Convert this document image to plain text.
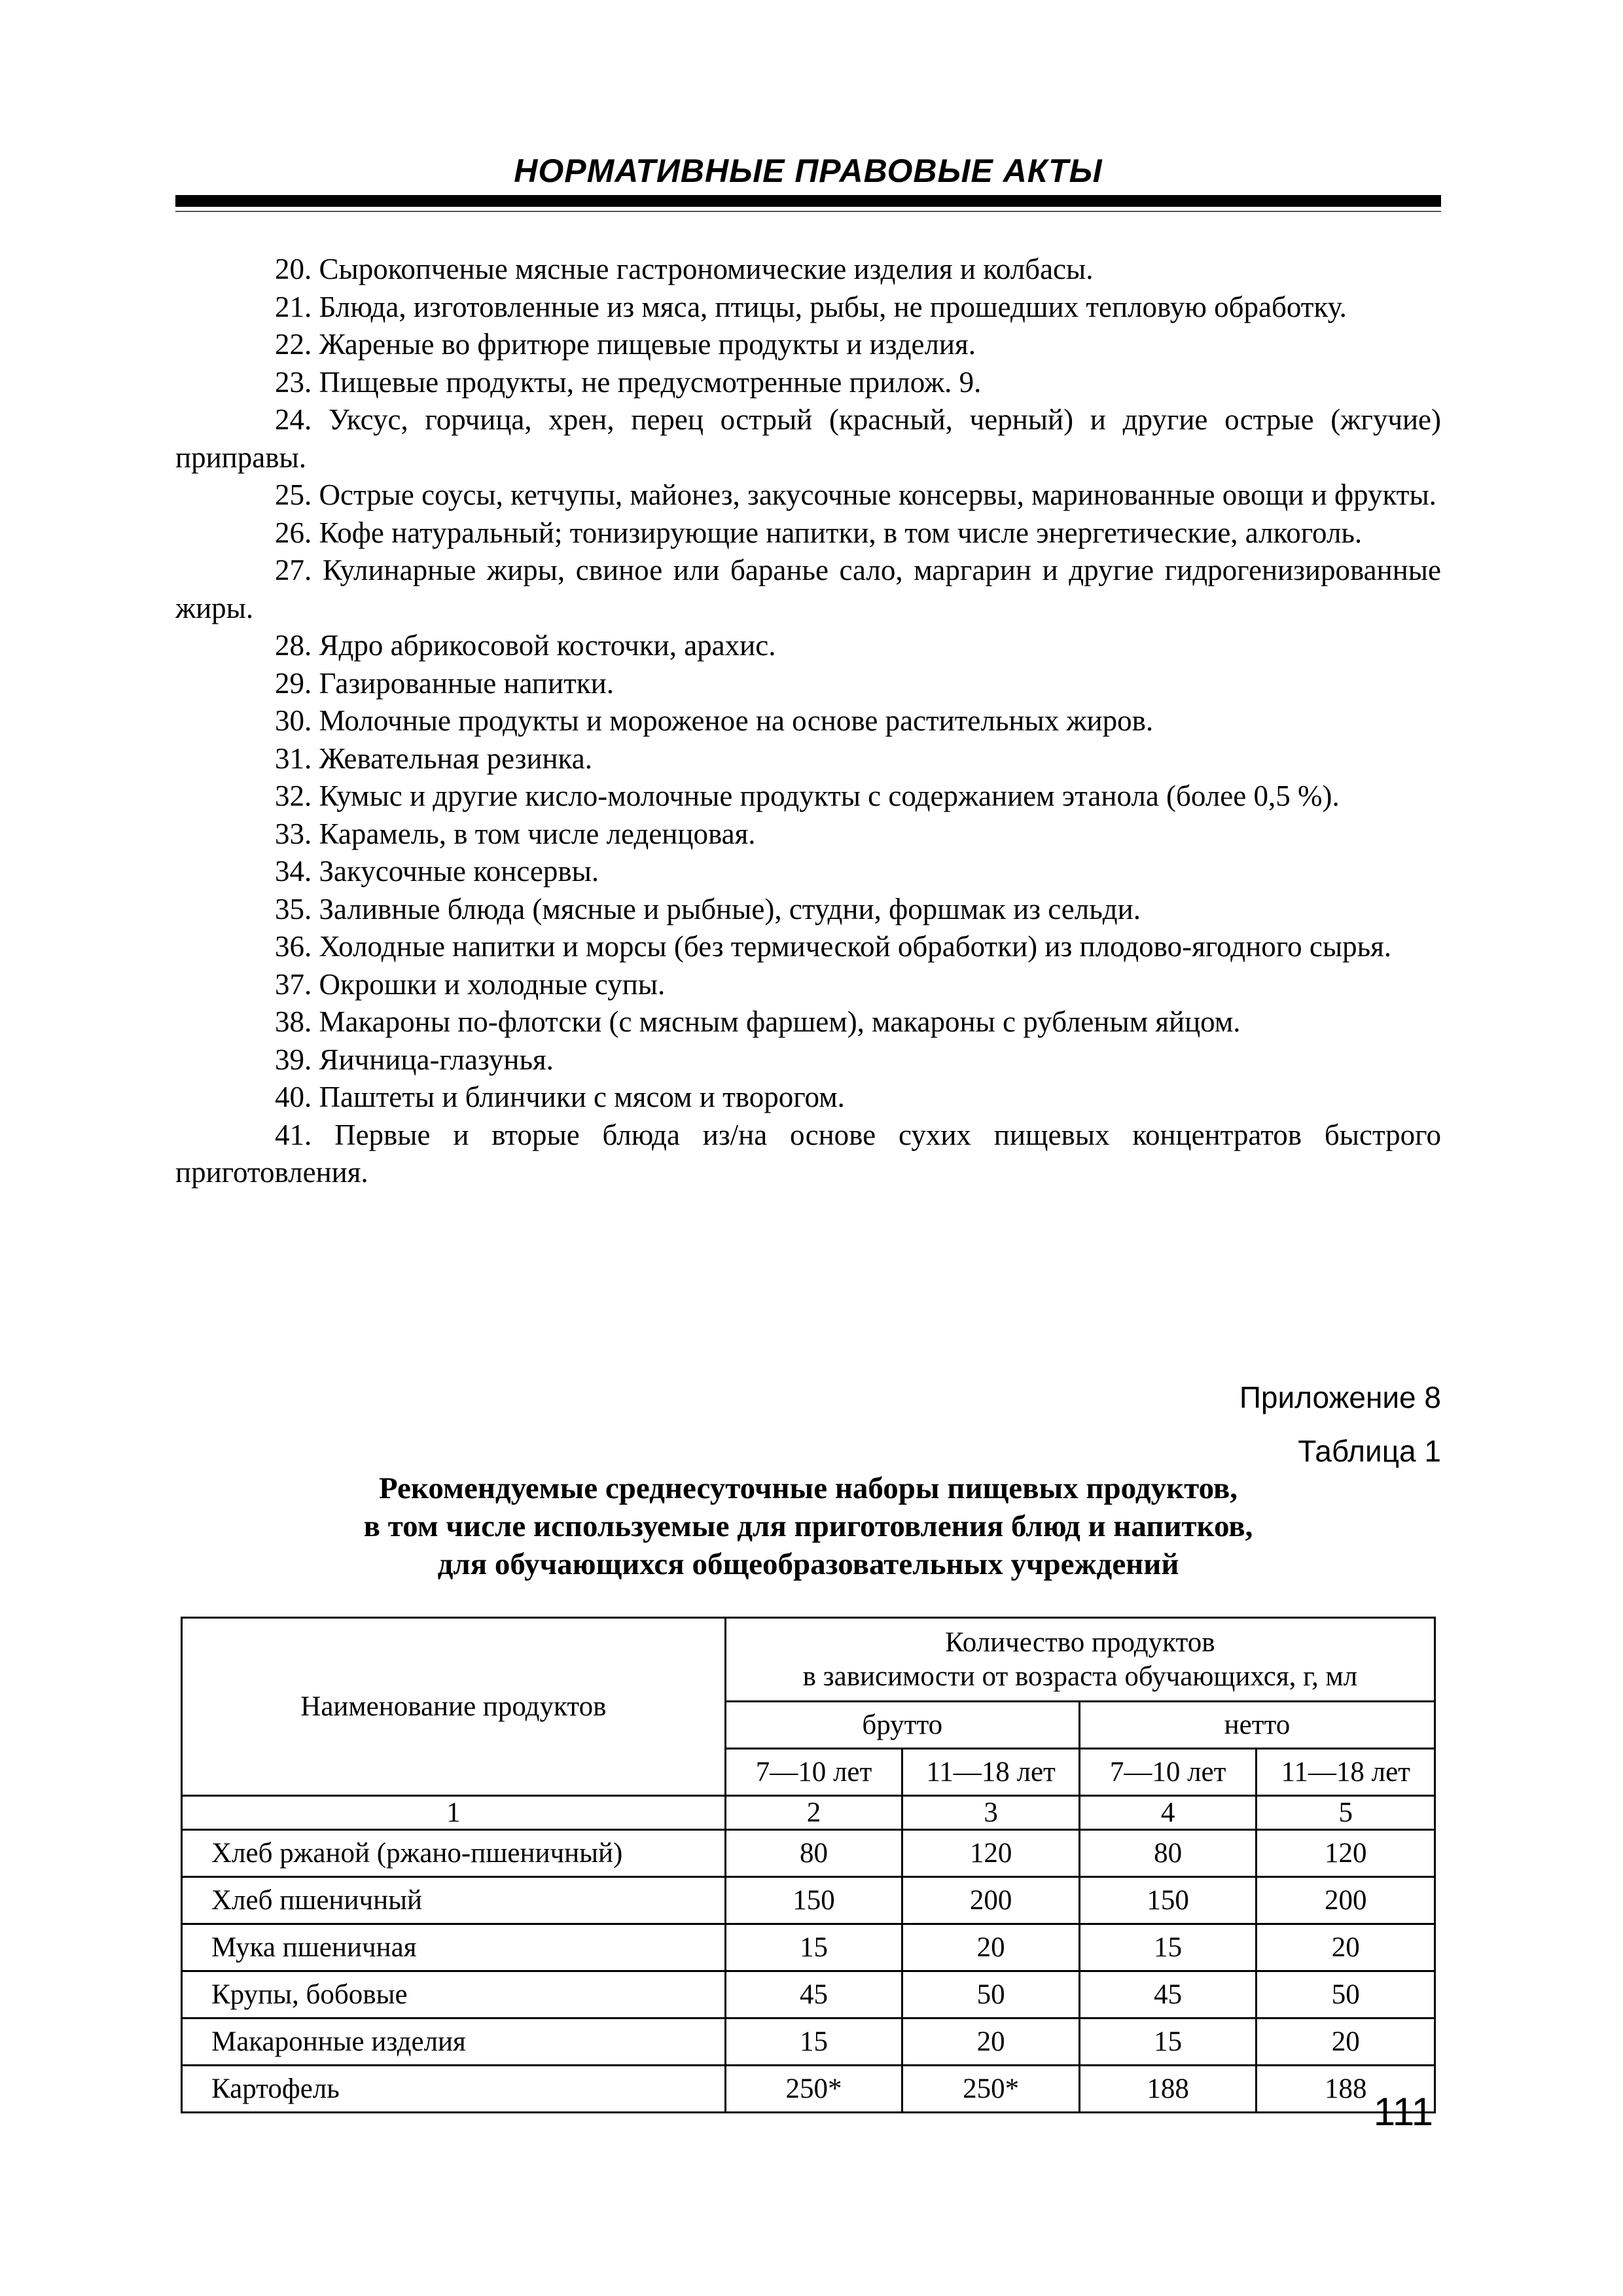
НОРМАТИВНЫЕ ПРАВОВЫЕ АКТЫ

20. Сырокопченые мясные гастрономические изделия и колбасы.

21. Блюда, изготовленные из мяса, птицы, рыбы, не прошедших тепловую обработку.

22. Жареные во фритюре пищевые продукты и изделия.

23. Пищевые продукты, не предусмотренные прилож. 9.

24. Уксус, горчица, хрен, перец острый (красный, черный) и другие острые (жгучие) приправы.

25. Острые соусы, кетчупы, майонез, закусочные консервы, маринованные овощи и фрукты.

26. Кофе натуральный; тонизирующие напитки, в том числе энергетические, алкоголь.

27. Кулинарные жиры, свиное или баранье сало, маргарин и другие гидрогенизированные жиры.

28. Ядро абрикосовой косточки, арахис.

29. Газированные напитки.

30. Молочные продукты и мороженое на основе растительных жиров.

31. Жевательная резинка.

32. Кумыс и другие кисло-молочные продукты с содержанием этанола (более 0,5 %).

33. Карамель, в том числе леденцовая.

34. Закусочные консервы.

35. Заливные блюда (мясные и рыбные), студни, форшмак из сельди.

36. Холодные напитки и морсы (без термической обработки) из плодово-ягодного сырья.

37. Окрошки и холодные супы.

38. Макароны по-флотски (с мясным фаршем), макароны с рубленым яйцом.

39. Яичница-глазунья.

40. Паштеты и блинчики с мясом и творогом.

41. Первые и вторые блюда из/на основе сухих пищевых концентратов быстрого приготовления.

Приложение 8
Таблица 1
Рекомендуемые среднесуточные наборы пищевых продуктов,
в том числе используемые для приготовления блюд и напитков,
для обучающихся общеобразовательных учреждений
Наименование продуктов	Количество продуктов
в зависимости от возраста обучающихся, г, мл			

	брутто		нетто	
	7—10 лет	11—18 лет	7—10 лет	11—18 лет
1	2	3	4	5
Хлеб ржаной (ржано-пшеничный)	80	120	80	120
Хлеб пшеничный	150	200	150	200
Мука пшеничная	15	20	15	20
Крупы, бобовые	45	50	45	50
Макаронные изделия	15	20	15	20
Картофель	250*	250*	188	188
111
